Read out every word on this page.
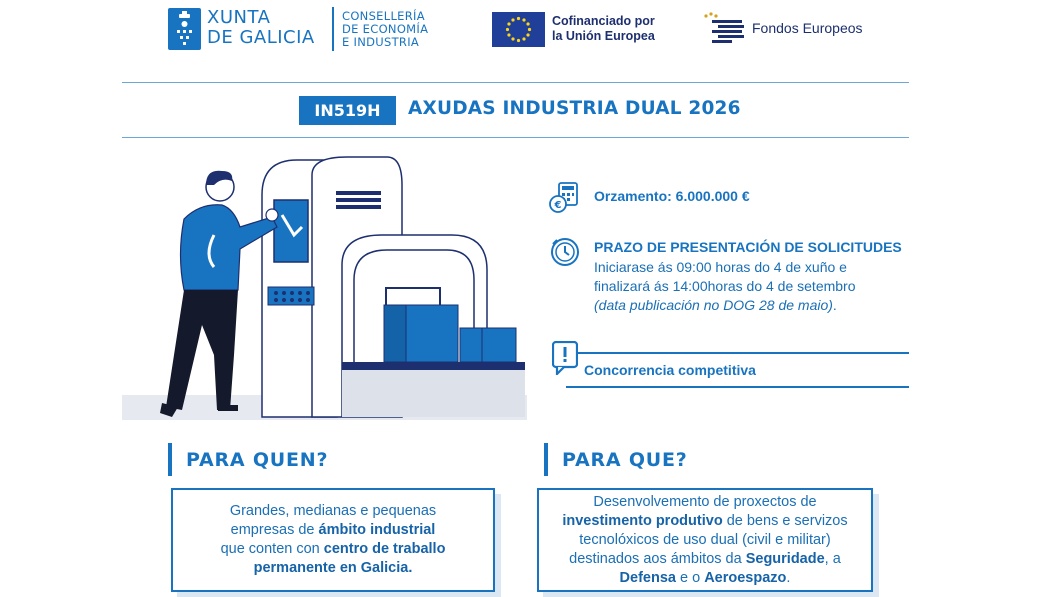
XUNTA
DE GALICIA
CONSELLERÍA
DE ECONOMÍA
E INDUSTRIA
Cofinanciado por
la Unión Europea	Fondos Europeos
IN519H	AXUDAS INDUSTRIA DUAL 2026
€
Orzamento: 6.000.000 €
PRAZO DE PRESENTACIÓN DE SOLICITUDES
Iniciarase ás 09:00 horas do 4 de xuño e
finalizará ás 14:00horas do 4 de setembro
(data publicación no DOG 28 de maio).
Concorrencia competitiva
PARA QUEN?
Grandes, medianas e pequenas
empresas de ámbito industrial
que conten con centro de traballo
permanente en Galicia.
PARA QUE?
Desenvolvemento de proxectos de
investimento produtivo de bens e servizos
tecnolóxicos de uso dual (civil e militar)
destinados aos ámbitos da Seguridade, a
Defensa e o Aeroespazo.
